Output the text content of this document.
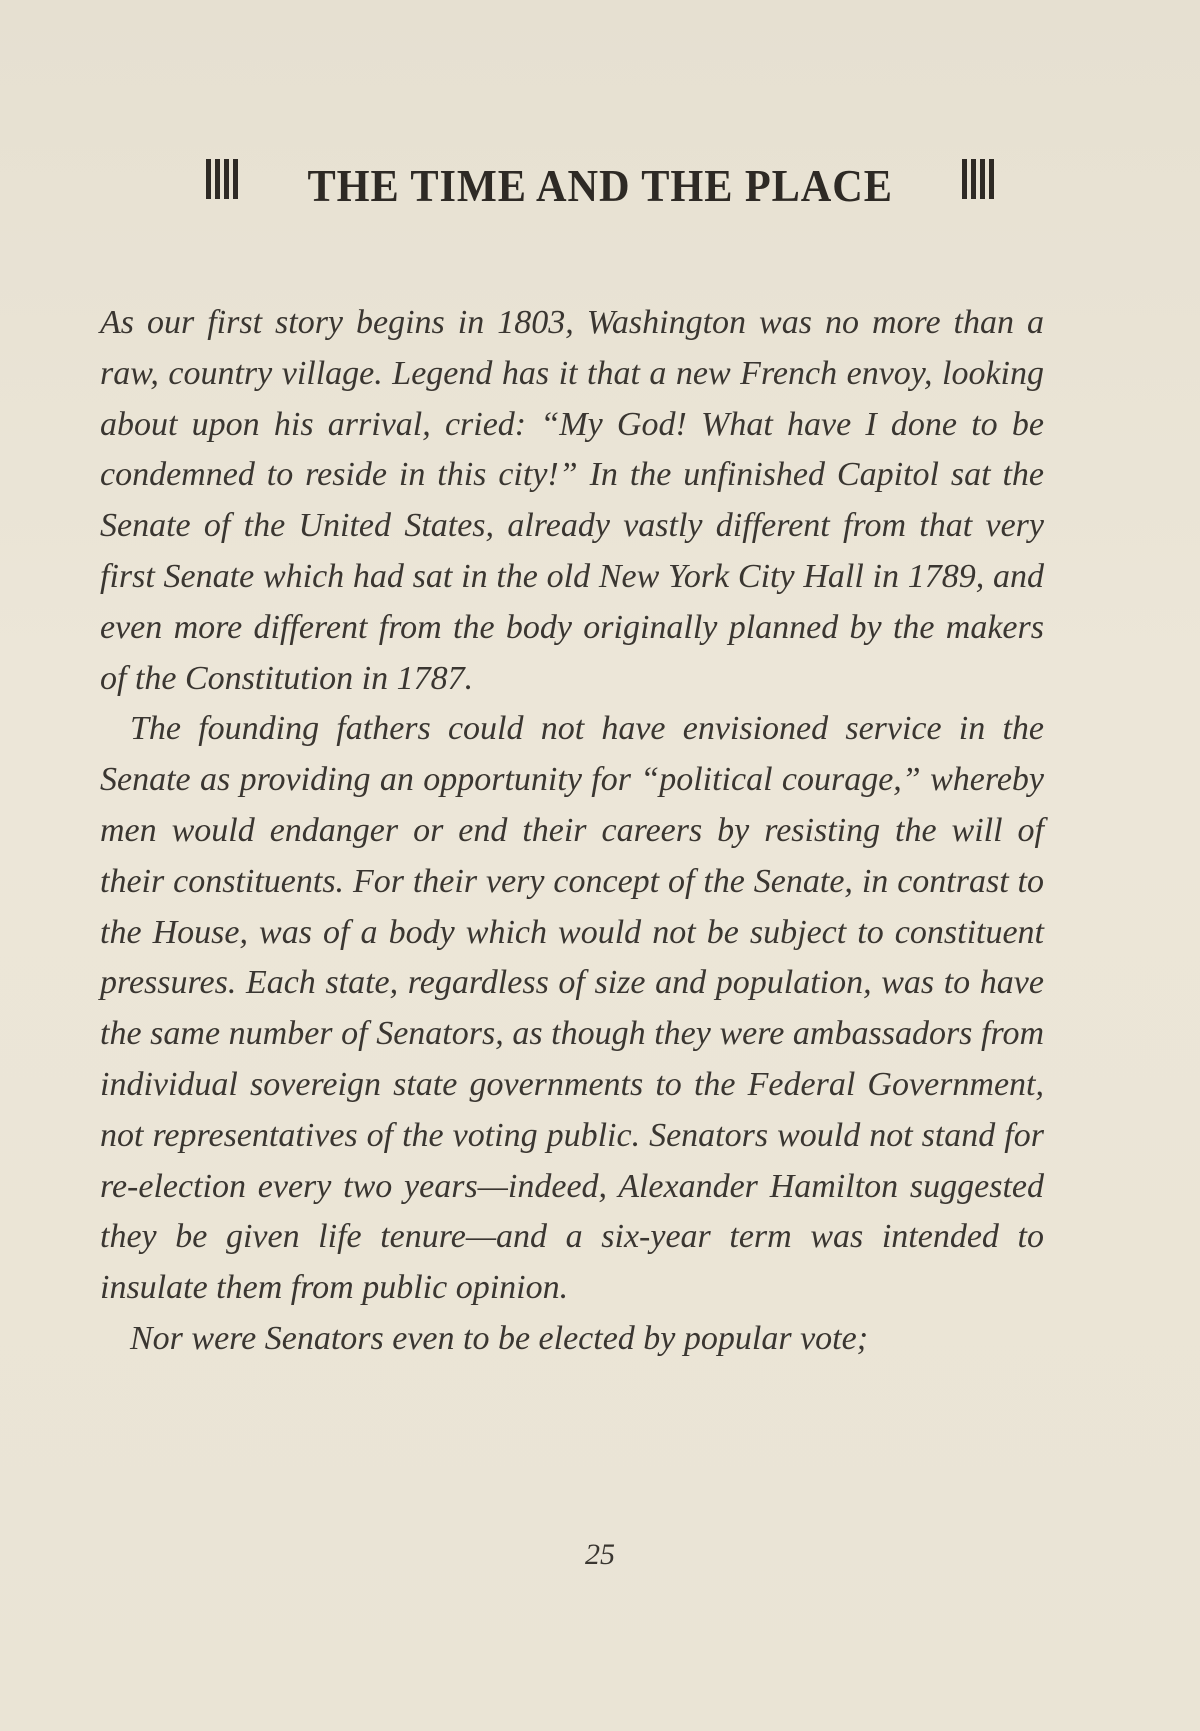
THE TIME AND THE PLACE

As our first story begins in 1803, Washington was no more than a raw, country village. Legend has it that a new French envoy, looking about upon his arrival, cried: “My God! What have I done to be condemned to reside in this city!” In the unfinished Capitol sat the Senate of the United States, already vastly different from that very first Senate which had sat in the old New York City Hall in 1789, and even more different from the body originally planned by the makers of the Constitution in 1787.

The founding fathers could not have envisioned service in the Senate as providing an opportunity for “political courage,” whereby men would endanger or end their careers by resisting the will of their constituents. For their very concept of the Senate, in contrast to the House, was of a body which would not be subject to constituent pressures. Each state, regardless of size and population, was to have the same number of Senators, as though they were ambassadors from individual sovereign state governments to the Federal Government, not representatives of the voting public. Senators would not stand for re-election every two years—indeed, Alexander Hamilton suggested they be given life tenure—and a six-year term was intended to insulate them from public opinion.

Nor were Senators even to be elected by popular vote;

25
